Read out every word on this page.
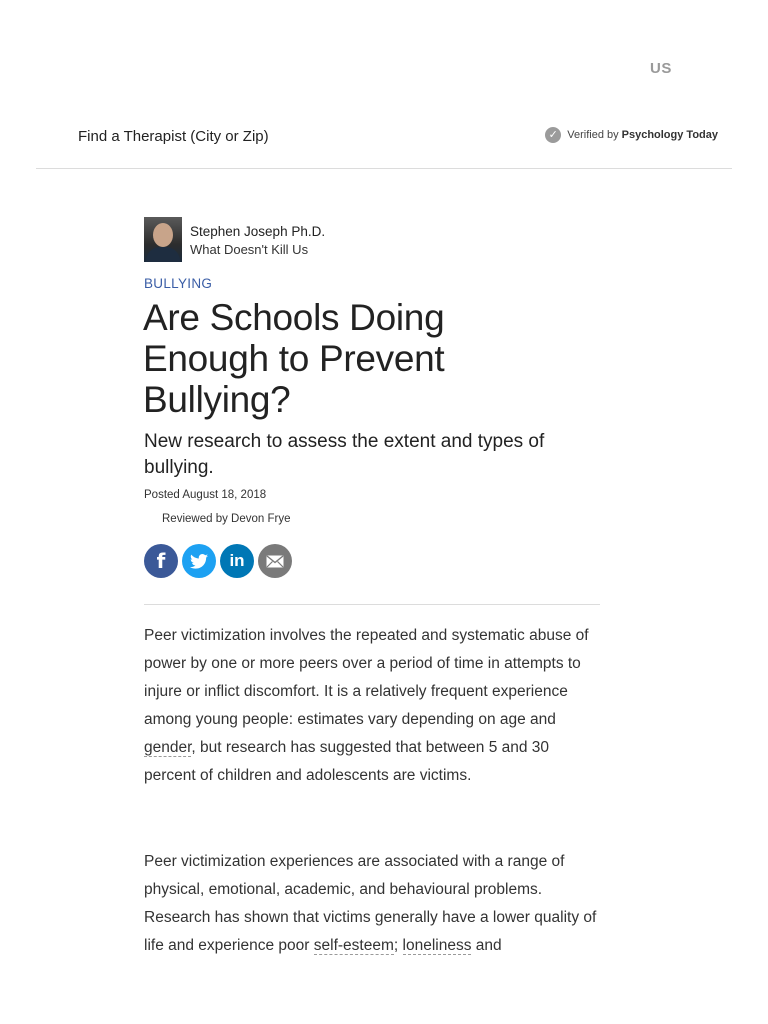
US
Find a Therapist (City or Zip)	✓ Verified by Psychology Today
Stephen Joseph Ph.D.
What Doesn't Kill Us
BULLYING
Are Schools Doing Enough to Prevent Bullying?
New research to assess the extent and types of bullying.
Posted August 18, 2018
Reviewed by Devon Frye
f	in

Peer victimization involves the repeated and systematic abuse of power by one or more peers over a period of time in attempts to injure or inflict discomfort. It is a relatively frequent experience among young people: estimates vary depending on age and gender, but research has suggested that between 5 and 30 percent of children and adolescents are victims.

Peer victimization experiences are associated with a range of physical, emotional, academic, and behavioural problems. Research has shown that victims generally have a lower quality of life and experience poor self-esteem; loneliness and
